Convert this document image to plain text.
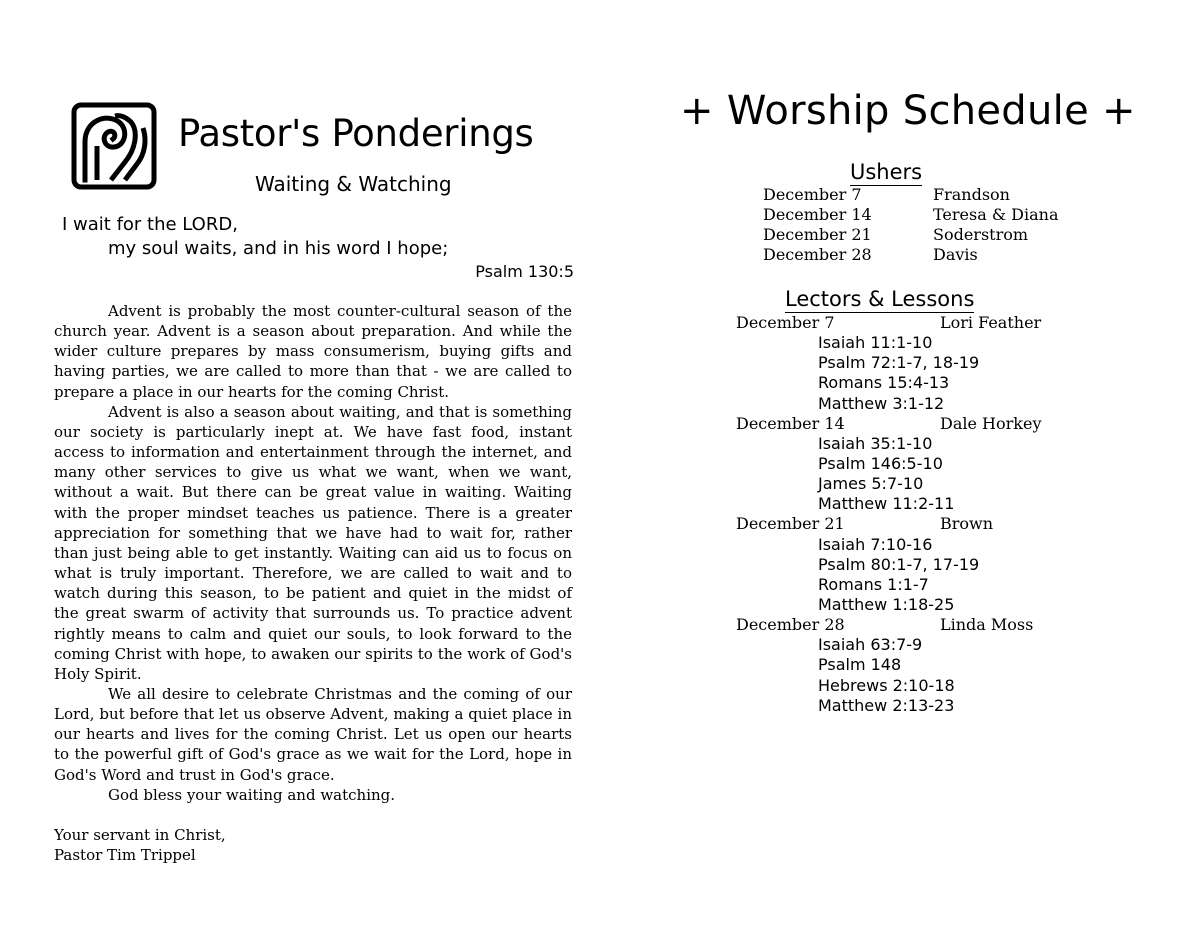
Pastor's Ponderings
Waiting & Watching
I wait for the LORD,
my soul waits, and in his word I hope;
Psalm 130:5

Advent is probably the most counter-cultural season of the church year. Advent is a season about preparation. And while the wider culture prepares by mass consumerism, buying gifts and having parties, we are called to more than that - we are called to prepare a place in our hearts for the coming Christ.

Advent is also a season about waiting, and that is something our society is particularly inept at. We have fast food, instant access to information and entertainment through the internet, and many other services to give us what we want, when we want, without a wait. But there can be great value in waiting. Waiting with the proper mindset teaches us patience. There is a greater appreciation for something that we have had to wait for, rather than just being able to get instantly. Waiting can aid us to focus on what is truly important. Therefore, we are called to wait and to watch during this season, to be patient and quiet in the midst of the great swarm of activity that surrounds us. To practice advent rightly means to calm and quiet our souls, to look forward to the coming Christ with hope, to awaken our spirits to the work of God's Holy Spirit.

We all desire to celebrate Christmas and the coming of our Lord, but before that let us observe Advent, making a quiet place in our hearts and lives for the coming Christ. Let us open our hearts to the powerful gift of God's grace as we wait for the Lord, hope in God's Word and trust in God's grace.

God bless your waiting and watching.

Your servant in Christ,
Pastor Tim Trippel
+ Worship Schedule +
Ushers
December 7	Frandson
December 14	Teresa & Diana
December 21	Soderstrom
December 28	Davis
Lectors & Lessons
December 7	Lori Feather
Isaiah 11:1-10
Psalm 72:1-7, 18-19
Romans 15:4-13
Matthew 3:1-12
December 14	Dale Horkey
Isaiah 35:1-10
Psalm 146:5-10
James 5:7-10
Matthew 11:2-11
December 21	Brown
Isaiah 7:10-16
Psalm 80:1-7, 17-19
Romans 1:1-7
Matthew 1:18-25
December 28	Linda Moss
Isaiah 63:7-9
Psalm 148
Hebrews 2:10-18
Matthew 2:13-23
